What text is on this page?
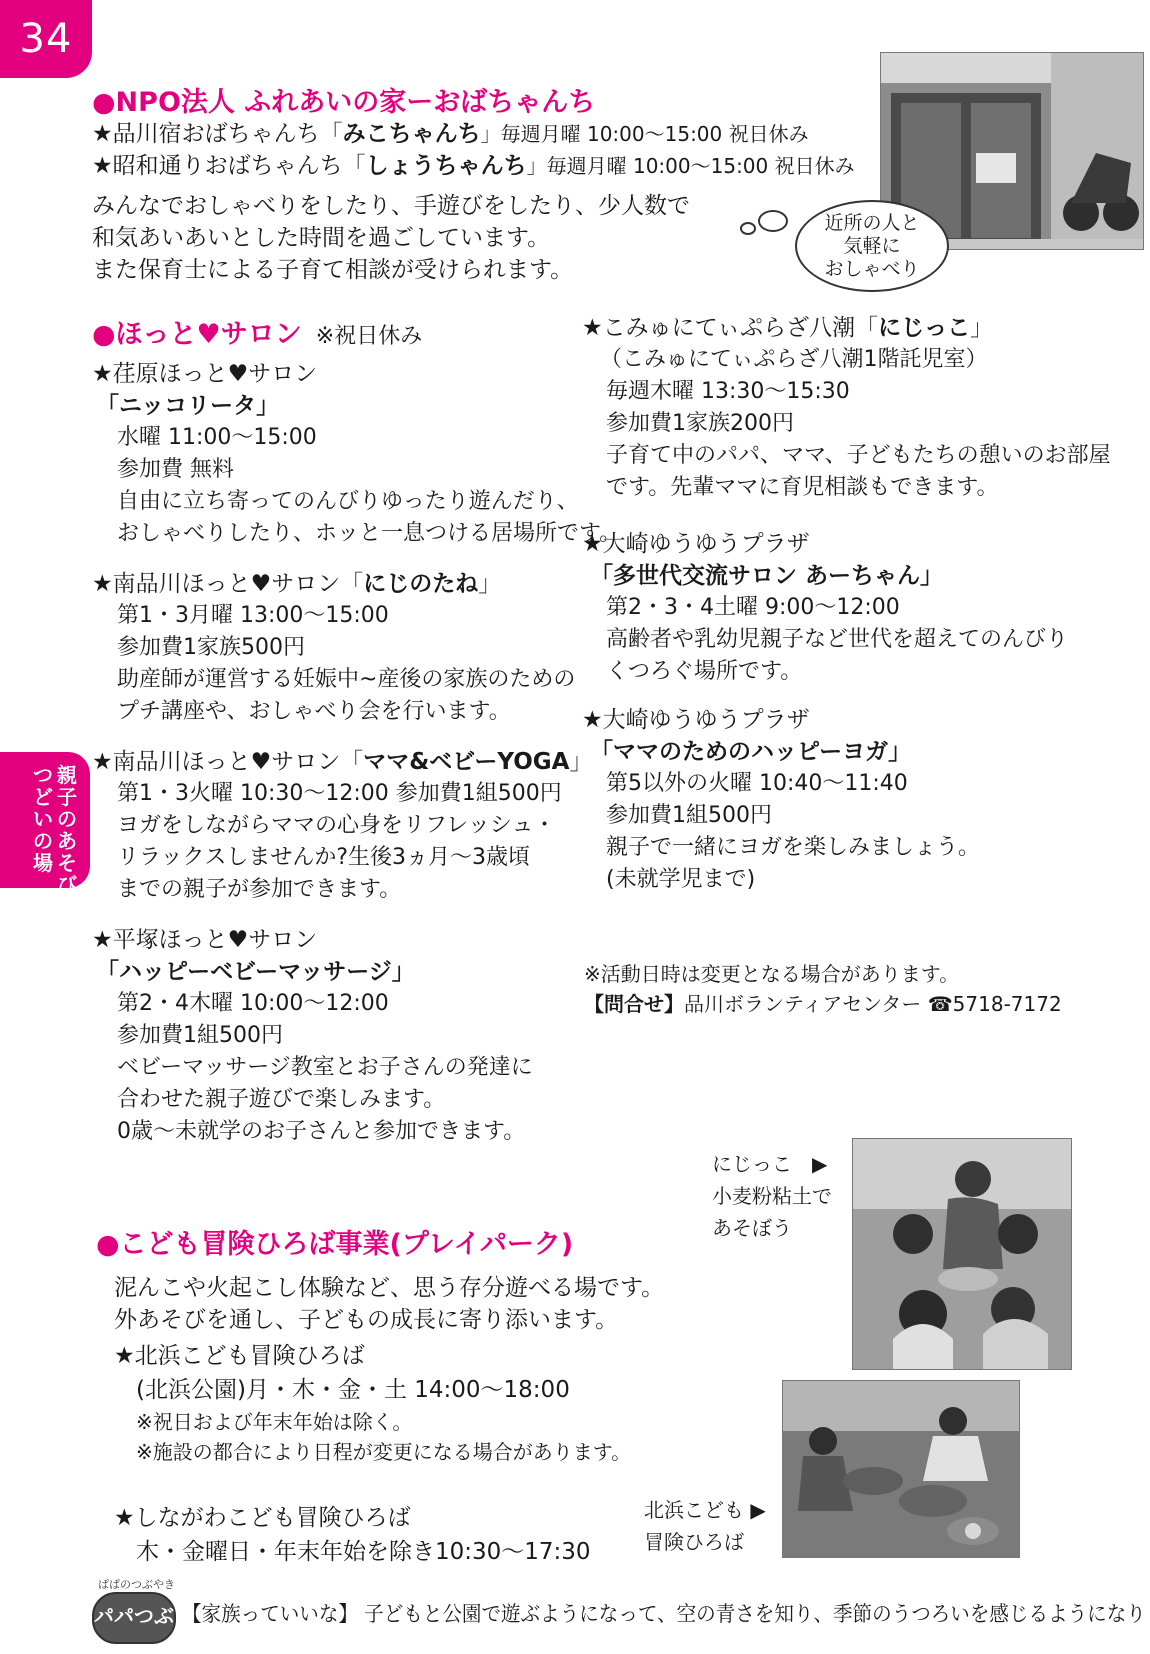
34
親子のあそび
つどいの場
●NPO法人 ふれあいの家ーおばちゃんち
★品川宿おばちゃんち「みこちゃんち」毎週月曜 10:00〜15:00 祝日休み
★昭和通りおばちゃんち「しょうちゃんち」毎週月曜 10:00〜15:00 祝日休み
みんなでおしゃべりをしたり、手遊びをしたり、少人数で
和気あいあいとした時間を過ごしています。
また保育士による子育て相談が受けられます。
近所の人と
気軽に
おしゃべり
●ほっと♥サロン ※祝日休み
★荏原ほっと♥サロン
「ニッコリータ」
水曜 11:00〜15:00
参加費 無料
自由に立ち寄ってのんびりゆったり遊んだり、
おしゃべりしたり、ホッと一息つける居場所です。
★南品川ほっと♥サロン「にじのたね」
第1・3月曜 13:00〜15:00
参加費1家族500円
助産師が運営する妊娠中~産後の家族のための
プチ講座や、おしゃべり会を行います。
★南品川ほっと♥サロン「ママ&ベビーYOGA」
第1・3火曜 10:30〜12:00 参加費1組500円
ヨガをしながらママの心身をリフレッシュ・
リラックスしませんか?生後3ヵ月〜3歳頃
までの親子が参加できます。
★平塚ほっと♥サロン
「ハッピーベビーマッサージ」
第2・4木曜 10:00〜12:00
参加費1組500円
ベビーマッサージ教室とお子さんの発達に
合わせた親子遊びで楽しみます。
0歳〜未就学のお子さんと参加できます。
★こみゅにてぃぷらざ八潮「にじっこ」
（こみゅにてぃぷらざ八潮1階託児室）
毎週木曜 13:30〜15:30
参加費1家族200円
子育て中のパパ、ママ、子どもたちの憩いのお部屋
です。先輩ママに育児相談もできます。
★大崎ゆうゆうプラザ
「多世代交流サロン あーちゃん」
第2・3・4土曜 9:00〜12:00
高齢者や乳幼児親子など世代を超えてのんびり
くつろぐ場所です。
★大崎ゆうゆうプラザ
「ママのためのハッピーヨガ」
第5以外の火曜 10:40〜11:40
参加費1組500円
親子で一緒にヨガを楽しみましょう。
(未就学児まで)
※活動日時は変更となる場合があります。
【問合せ】品川ボランティアセンター ☎5718-7172
にじっこ　▶
小麦粉粘土で
あそぼう
●こども冒険ひろば事業(プレイパーク)
泥んこや火起こし体験など、思う存分遊べる場です。
外あそびを通し、子どもの成長に寄り添います。
★北浜こども冒険ひろば
(北浜公園)月・木・金・土 14:00〜18:00
※祝日および年末年始は除く。
※施設の都合により日程が変更になる場合があります。
★しながわこども冒険ひろば
木・金曜日・年末年始を除き10:30〜17:30
北浜こども ▶
冒険ひろば
ぱぱのつぶやき
パパつぶ 【家族っていいな】 子どもと公園で遊ぶようになって、空の青さを知り、季節のうつろいを感じるようになり
